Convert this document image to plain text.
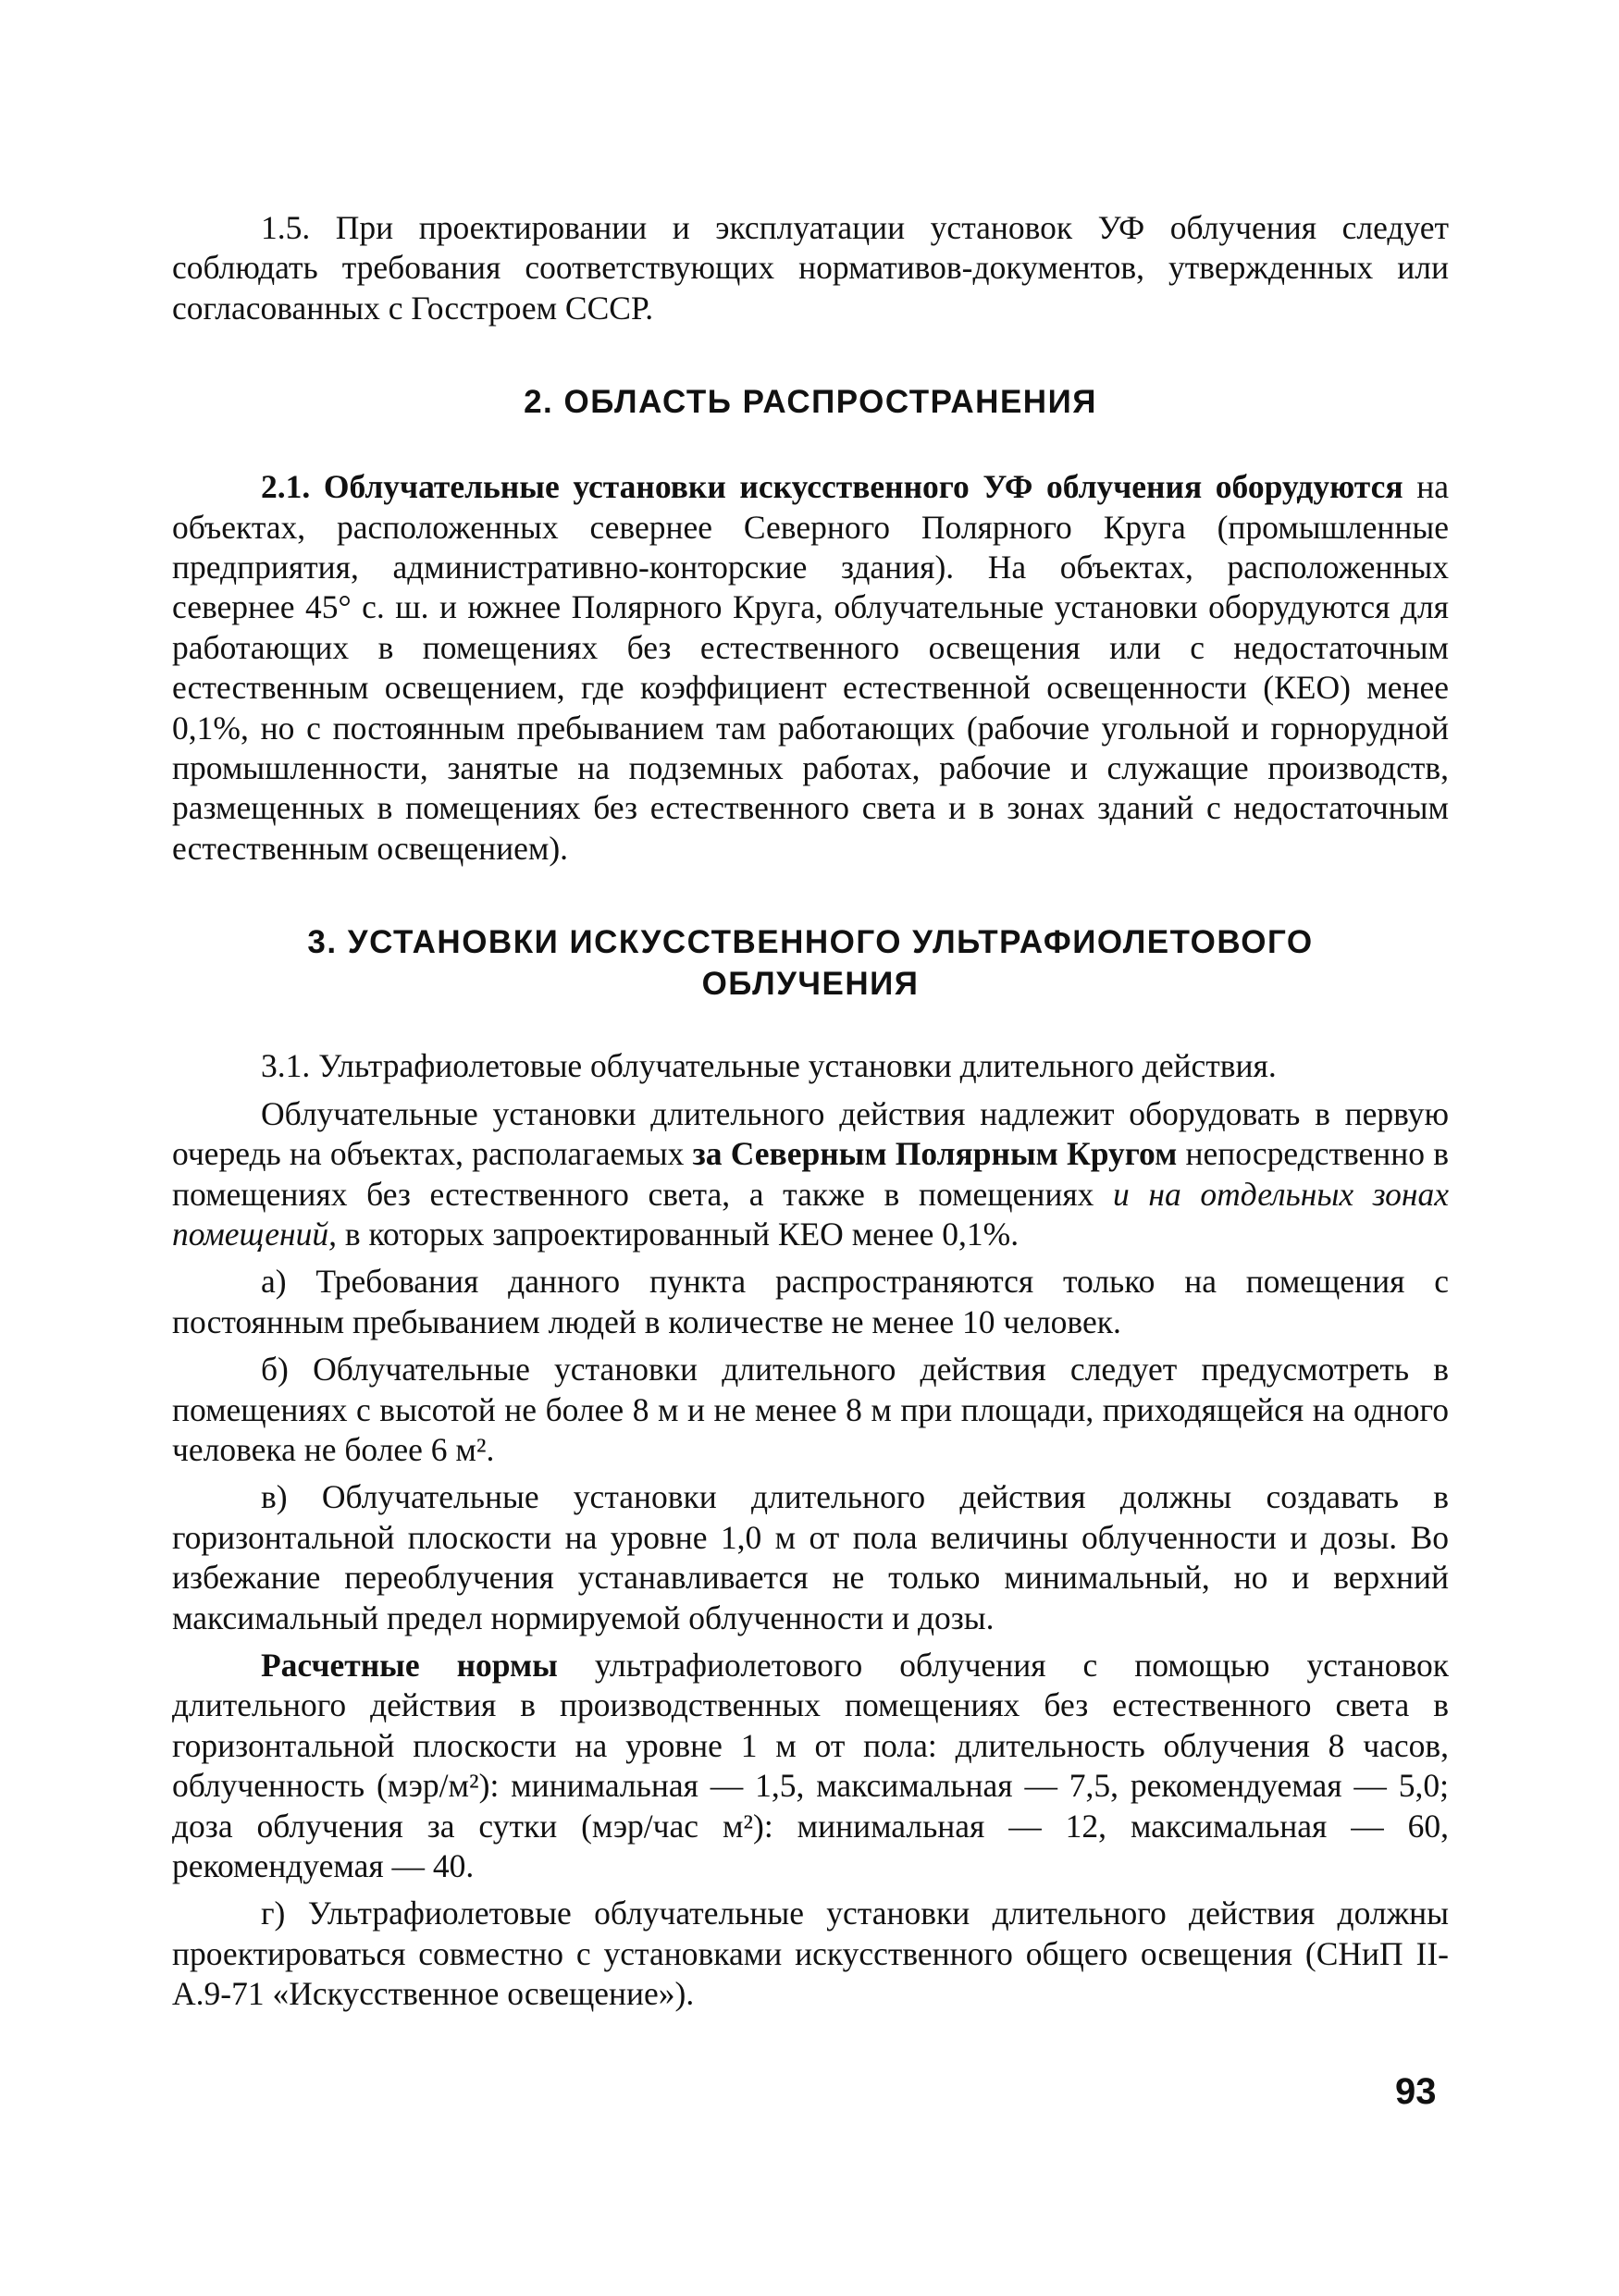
1.5. При проектировании и эксплуатации установок УФ облучения следует соблюдать требования соответствующих нормативов-документов, утвержденных или согласованных с Госстроем СССР.

2. ОБЛАСТЬ РАСПРОСТРАНЕНИЯ

2.1. Облучательные установки искусственного УФ облучения оборудуются на объектах, расположенных севернее Северного Полярного Круга (промышленные предприятия, административно-конторские здания). На объектах, расположенных севернее 45° с. ш. и южнее Полярного Круга, облучательные установки оборудуются для работающих в помещениях без естественного освещения или с недостаточным естественным освещением, где коэффициент естественной освещенности (КЕО) менее 0,1%, но с постоянным пребыванием там работающих (рабочие угольной и горнорудной промышленности, занятые на подземных работах, рабочие и служащие производств, размещенных в помещениях без естественного света и в зонах зданий с недостаточным естественным освещением).

3. УСТАНОВКИ ИСКУССТВЕННОГО УЛЬТРАФИОЛЕТОВОГО
ОБЛУЧЕНИЯ

3.1. Ультрафиолетовые облучательные установки длительного действия.

Облучательные установки длительного действия надлежит оборудовать в первую очередь на объектах, располагаемых за Северным Полярным Кругом непосредственно в помещениях без естественного света, а также в помещениях и на отдельных зонах помещений, в которых запроектированный КЕО менее 0,1%.

а) Требования данного пункта распространяются только на помещения с постоянным пребыванием людей в количестве не менее 10 человек.

б) Облучательные установки длительного действия следует предусмотреть в помещениях с высотой не более 8 м и не менее 8 м при площади, приходящейся на одного человека не более 6 м².

в) Облучательные установки длительного действия должны создавать в горизонтальной плоскости на уровне 1,0 м от пола величины облученности и дозы. Во избежание переоблучения устанавливается не только минимальный, но и верхний максимальный предел нормируемой облученности и дозы.

Расчетные нормы ультрафиолетового облучения с помощью установок длительного действия в производственных помещениях без естественного света в горизонтальной плоскости на уровне 1 м от пола: длительность облучения 8 часов, облученность (мэр/м²): минимальная — 1,5, максимальная — 7,5, рекомендуемая — 5,0; доза облучения за сутки (мэр/час м²): минимальная — 12, максимальная — 60, рекомендуемая — 40.

г) Ультрафиолетовые облучательные установки длительного действия должны проектироваться совместно с установками искусственного общего освещения (СНиП II-А.9-71 «Искусственное освещение»).

93
